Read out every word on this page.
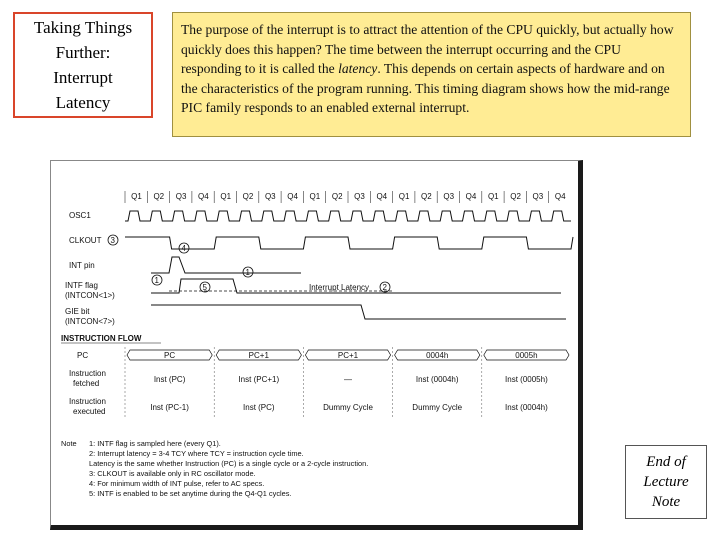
Taking Things
Further:
Interrupt
Latency
The purpose of the interrupt is to attract the attention of the CPU quickly, but actually how quickly does this happen? The time between the interrupt occurring and the CPU responding to it is called the latency. This depends on certain aspects of hardware and on the characteristics of the program running. This timing diagram shows how the mid-range PIC family responds to an enabled external interrupt.
Q1 Q2 Q3 Q4 Q1 Q2 Q3 Q4 Q1 Q2 Q3 Q4 Q1 Q2 Q3 Q4 Q1 Q2 Q3 Q4
OSC1
CLKOUT 3
INT pin
INTF flag
(INTCON<1>)
GIE bit
(INTCON<7>)
Interrupt Latency 2
1
1
4
5
INSTRUCTION FLOW
PC
Instruction
fetched
Instruction
executed
PC
Inst (PC)
Inst (PC-1)
PC+1
Inst (PC+1)
Inst (PC)
PC+1
—
Dummy Cycle
0004h
Inst (0004h)
Dummy Cycle
0005h
Inst (0005h)
Inst (0004h)
Note 1: INTF flag is sampled here (every Q1).
2: Interrupt latency = 3-4 TCY where TCY = instruction cycle time.
Latency is the same whether Instruction (PC) is a single cycle or a 2-cycle instruction.
3: CLKOUT is available only in RC oscillator mode.
4: For minimum width of INT pulse, refer to AC specs.
5: INTF is enabled to be set anytime during the Q4-Q1 cycles.
End of
Lecture
Note
